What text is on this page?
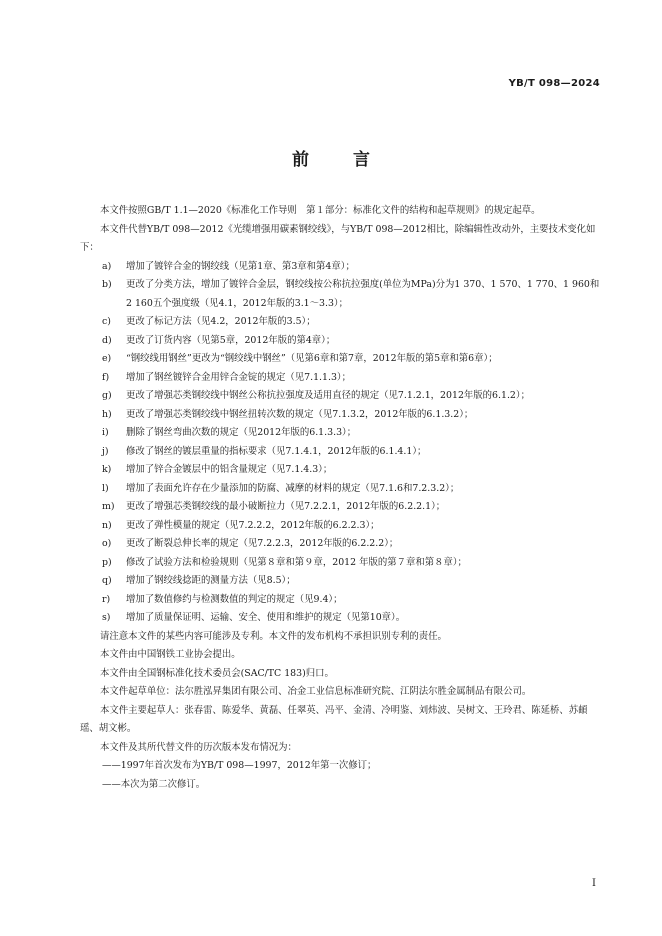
YB/T 098—2024
前言

本文件按照GB/T 1.1—2020《标准化工作导则　第１部分：标准化文件的结构和起草规则》的规定起草。

本文件代替YB/T 098—2012《光缆增强用碳素钢绞线》，与YB/T 098—2012相比，除编辑性改动外，主要技术变化如下：

a) 增加了镀锌合金的钢绞线（见第1章、第3章和第4章）；
b) 更改了分类方法，增加了镀锌合金层，钢绞线按公称抗拉强度(单位为MPa)分为1 370、1 570、1 770、1 960和2 160五个强度级（见4.1，2012年版的3.1～3.3）；
c) 更改了标记方法（见4.2，2012年版的3.5）；
d) 更改了订货内容（见第5章，2012年版的第4章）；
e) “钢绞线用钢丝”更改为“钢绞线中钢丝”（见第6章和第7章，2012年版的第5章和第6章）；
f) 增加了钢丝镀锌合金用锌合金锭的规定（见7.1.1.3）；
g) 更改了增强芯类钢绞线中钢丝公称抗拉强度及适用直径的规定（见7.1.2.1，2012年版的6.1.2）；
h) 更改了增强芯类钢绞线中钢丝扭转次数的规定（见7.1.3.2，2012年版的6.1.3.2）；
i) 删除了钢丝弯曲次数的规定（见2012年版的6.1.3.3）；
j) 修改了钢丝的镀层重量的指标要求（见7.1.4.1，2012年版的6.1.4.1）；
k) 增加了锌合金镀层中的铝含量规定（见7.1.4.3）；
l) 增加了表面允许存在少量添加的防腐、减摩的材料的规定（见7.1.6和7.2.3.2）；
m) 更改了增强芯类钢绞线的最小破断拉力（见7.2.2.1，2012年版的6.2.2.1）；
n) 更改了弹性模量的规定（见7.2.2.2，2012年版的6.2.2.3）；
o) 更改了断裂总伸长率的规定（见7.2.2.3，2012年版的6.2.2.2）；
p) 修改了试验方法和检验规则（见第８章和第９章，2012 年版的第７章和第８章）；
q) 增加了钢绞线捻距的测量方法（见8.5）；
r) 增加了数值修约与检测数值的判定的规定（见9.4）；
s) 增加了质量保证明、运输、安全、使用和维护的规定（见第10章）。

请注意本文件的某些内容可能涉及专利。本文件的发布机构不承担识别专利的责任。

本文件由中国钢铁工业协会提出。

本文件由全国钢标准化技术委员会(SAC/TC 183)归口。

本文件起草单位：法尔胜泓昇集团有限公司、冶金工业信息标准研究院、江阴法尔胜金属制品有限公司。

本文件主要起草人：张春雷、陈爱华、黄磊、任翠英、冯平、金清、冷明鉴、刘炜波、吴树文、王玲君、陈延桥、苏頔瑶、胡文彬。

本文件及其所代替文件的历次版本发布情况为：

——1997年首次发布为YB/T 098—1997，2012年第一次修订；

——本次为第二次修订。

I
